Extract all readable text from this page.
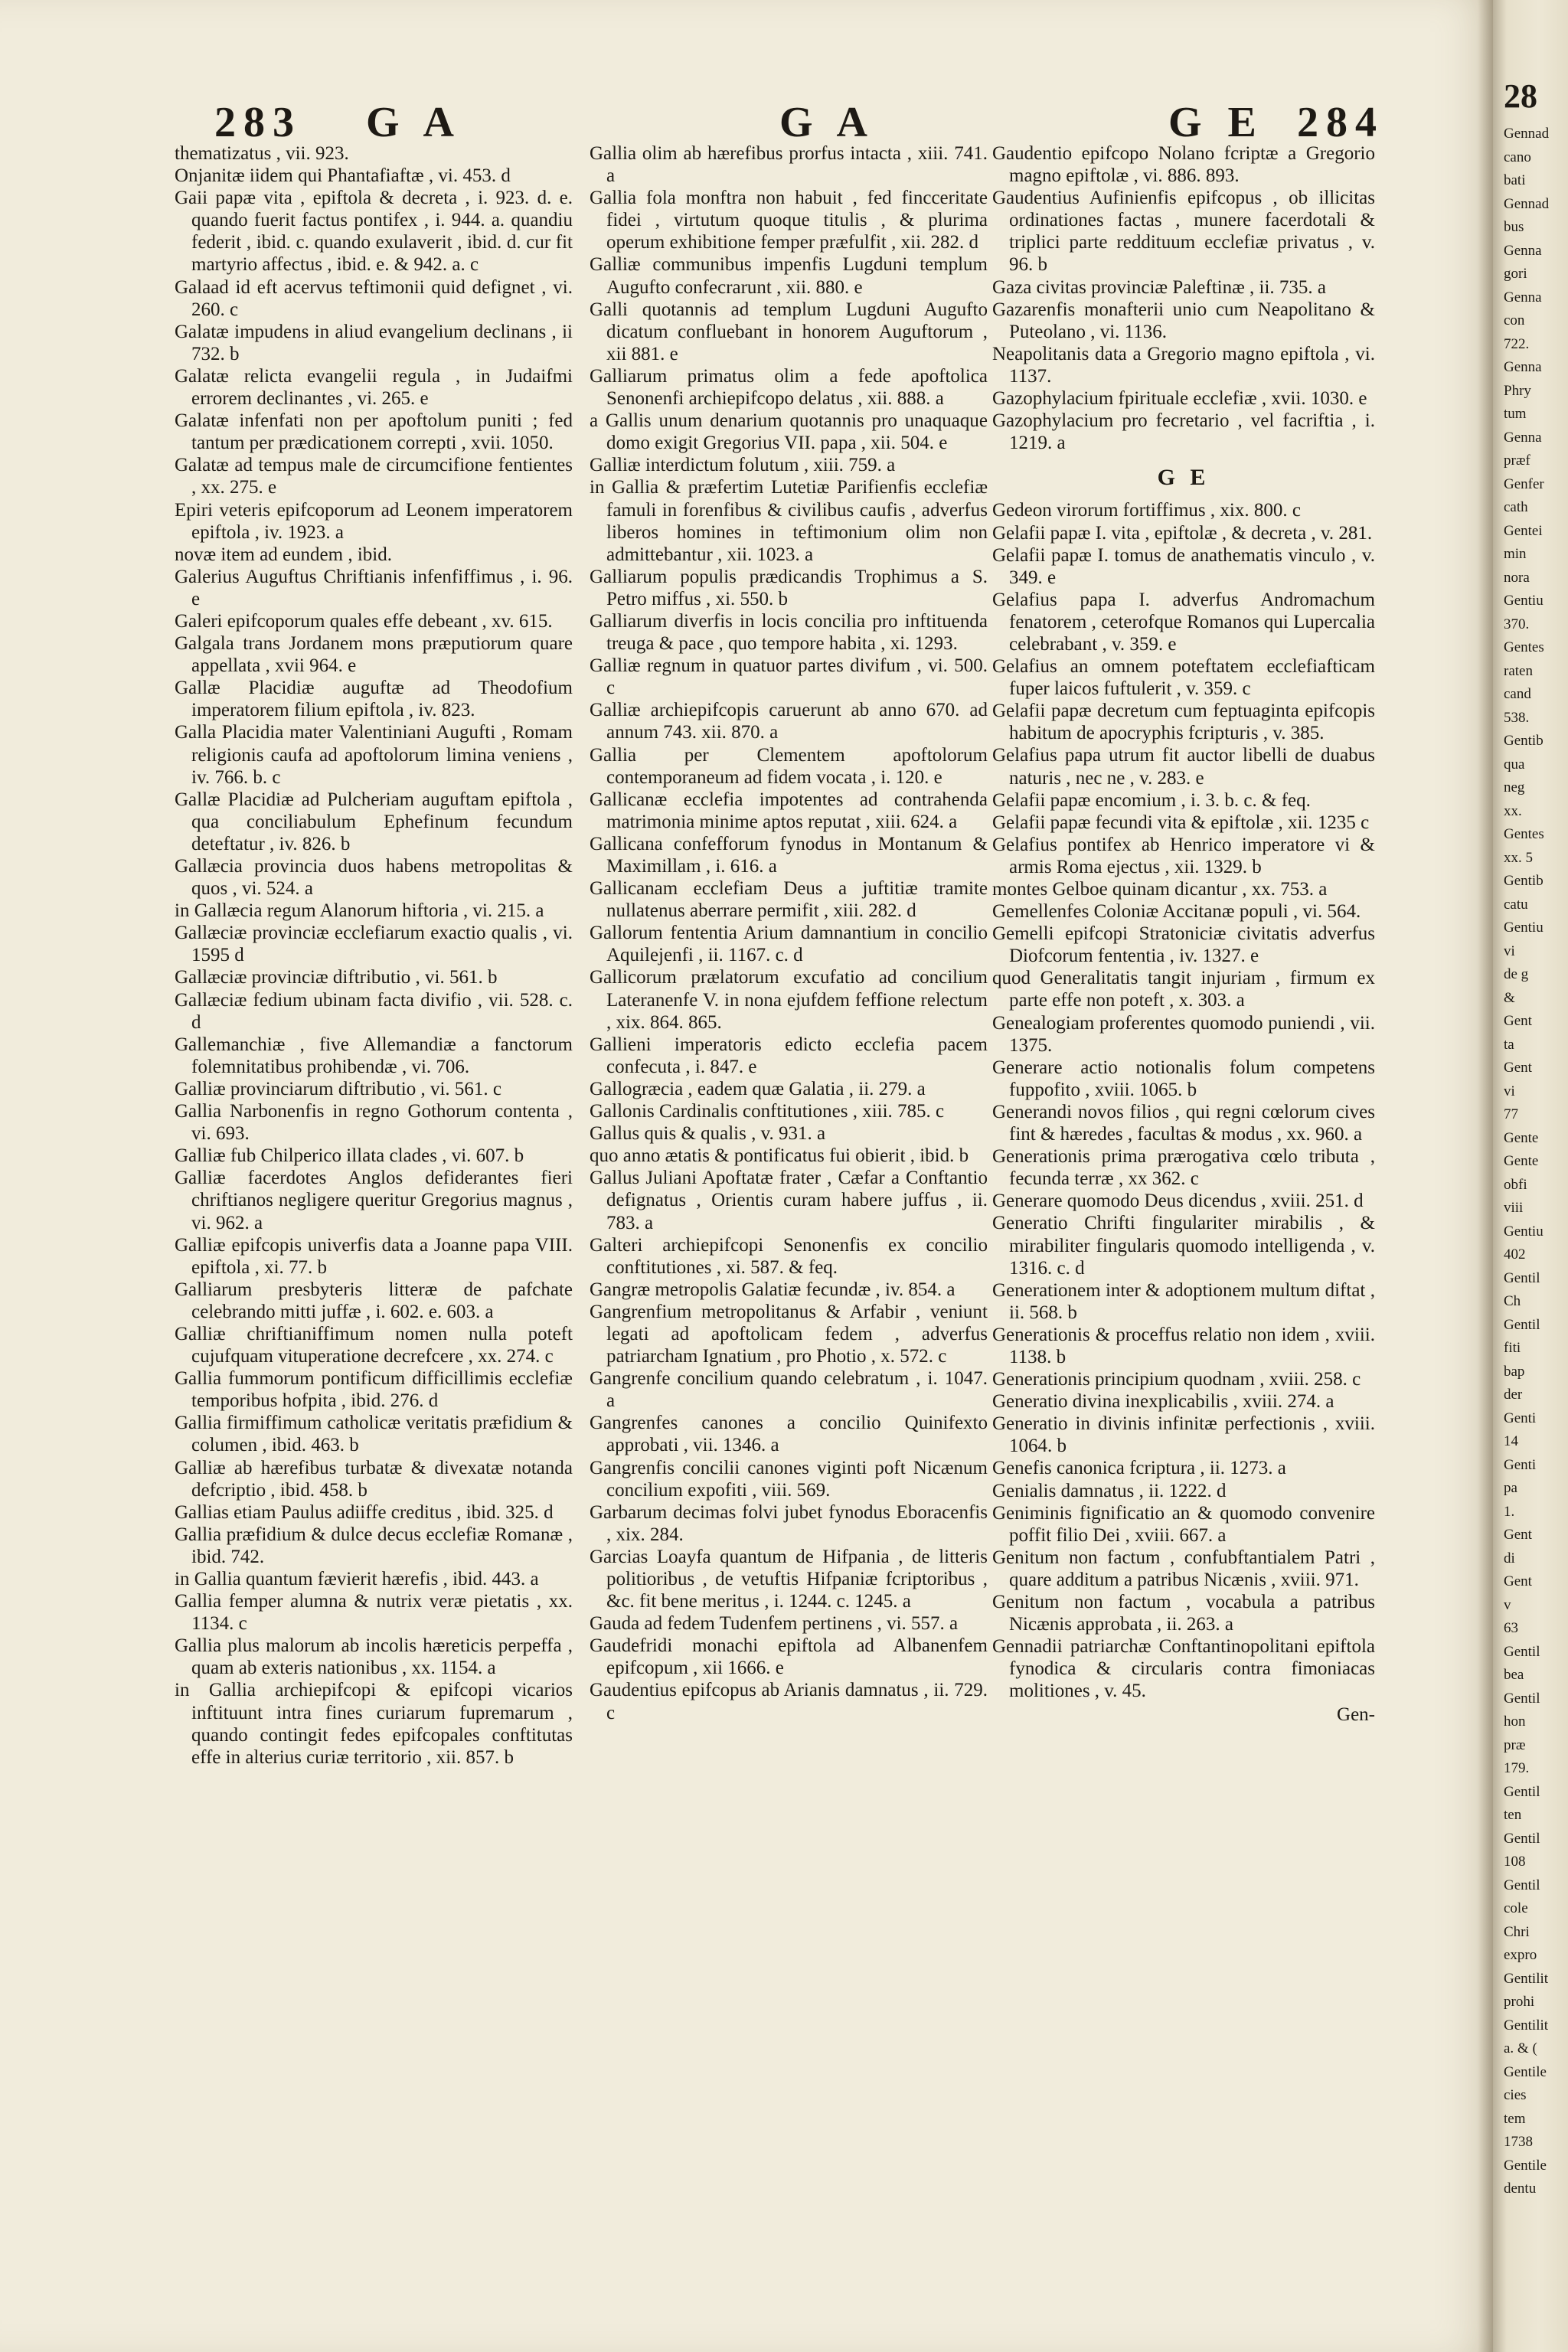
283 G A	G A	G E 284

thematizatus , vii. 923.

Onjanitæ iidem qui Phantafiaftæ , vi. 453. d

Gaii papæ vita , epiftola & decreta , i. 923. d. e. quando fuerit factus pontifex , i. 944. a. quandiu federit , ibid. c. quando exulaverit , ibid. d. cur fit martyrio affectus , ibid. e. & 942. a. c

Galaad id eft acervus teftimonii quid defignet , vi. 260. c

Galatæ impudens in aliud evangelium declinans , ii 732. b

Galatæ relicta evangelii regula , in Judaifmi errorem declinantes , vi. 265. e

Galatæ infenfati non per apoftolum puniti ; fed tantum per prædicationem correpti , xvii. 1050.

Galatæ ad tempus male de circumcifione fentientes , xx. 275. e

Epiri veteris epifcoporum ad Leonem imperatorem epiftola , iv. 1923. a

novæ item ad eundem , ibid.

Galerius Auguftus Chriftianis infenfiffimus , i. 96. e

Galeri epifcoporum quales effe debeant , xv. 615.

Galgala trans Jordanem mons præputiorum quare appellata , xvii 964. e

Gallæ Placidiæ auguftæ ad Theodofium imperatorem filium epiftola , iv. 823.

Galla Placidia mater Valentiniani Augufti , Romam religionis caufa ad apoftolorum limina veniens , iv. 766. b. c

Gallæ Placidiæ ad Pulcheriam auguftam epiftola , qua conciliabulum Ephefinum fecundum deteftatur , iv. 826. b

Gallæcia provincia duos habens metropolitas & quos , vi. 524. a

in Gallæcia regum Alanorum hiftoria , vi. 215. a

Gallæciæ provinciæ ecclefiarum exactio qualis , vi. 1595 d

Gallæciæ provinciæ diftributio , vi. 561. b

Gallæciæ fedium ubinam facta divifio , vii. 528. c. d

Gallemanchiæ , five Allemandiæ a fanctorum folemnitatibus prohibendæ , vi. 706.

Galliæ provinciarum diftributio , vi. 561. c

Gallia Narbonenfis in regno Gothorum contenta , vi. 693.

Galliæ fub Chilperico illata clades , vi. 607. b

Galliæ facerdotes Anglos defiderantes fieri chriftianos negligere queritur Gregorius magnus , vi. 962. a

Galliæ epifcopis univerfis data a Joanne papa VIII. epiftola , xi. 77. b

Galliarum presbyteris litteræ de pafchate celebrando mitti juffæ , i. 602. e. 603. a

Galliæ chriftianiffimum nomen nulla poteft cujufquam vituperatione decrefcere , xx. 274. c

Gallia fummorum pontificum difficillimis ecclefiæ temporibus hofpita , ibid. 276. d

Gallia firmiffimum catholicæ veritatis præfidium & columen , ibid. 463. b

Galliæ ab hærefibus turbatæ & divexatæ notanda defcriptio , ibid. 458. b

Gallias etiam Paulus adiiffe creditus , ibid. 325. d

Gallia præfidium & dulce decus ecclefiæ Romanæ , ibid. 742.

in Gallia quantum fævierit hærefis , ibid. 443. a

Gallia femper alumna & nutrix veræ pietatis , xx. 1134. c

Gallia plus malorum ab incolis hæreticis perpeffa , quam ab exteris nationibus , xx. 1154. a

in Gallia archiepifcopi & epifcopi vicarios inftituunt intra fines curiarum fupremarum , quando contingit fedes epifcopales conftitutas effe in alterius curiæ territorio , xii. 857. b

Gallia olim ab hærefibus prorfus intacta , xiii. 741. a

Gallia fola monftra non habuit , fed fincceritate fidei , virtutum quoque titulis , & plurima operum exhibitione femper præfulfit , xii. 282. d

Galliæ communibus impenfis Lugduni templum Augufto confecrarunt , xii. 880. e

Galli quotannis ad templum Lugduni Augufto dicatum confluebant in honorem Auguftorum , xii 881. e

Galliarum primatus olim a fede apoftolica Senonenfi archiepifcopo delatus , xii. 888. a

a Gallis unum denarium quotannis pro unaquaque domo exigit Gregorius VII. papa , xii. 504. e

Galliæ interdictum folutum , xiii. 759. a

in Gallia & præfertim Lutetiæ Parifienfis ecclefiæ famuli in forenfibus & civilibus caufis , adverfus liberos homines in teftimonium olim non admittebantur , xii. 1023. a

Galliarum populis prædicandis Trophimus a S. Petro miffus , xi. 550. b

Galliarum diverfis in locis concilia pro inftituenda treuga & pace , quo tempore habita , xi. 1293.

Galliæ regnum in quatuor partes divifum , vi. 500. c

Galliæ archiepifcopis caruerunt ab anno 670. ad annum 743. xii. 870. a

Gallia per Clementem apoftolorum contemporaneum ad fidem vocata , i. 120. e

Gallicanæ ecclefia impotentes ad contrahenda matrimonia minime aptos reputat , xiii. 624. a

Gallicana confefforum fynodus in Montanum & Maximillam , i. 616. a

Gallicanam ecclefiam Deus a juftitiæ tramite nullatenus aberrare permifit , xiii. 282. d

Gallorum fententia Arium damnantium in concilio Aquilejenfi , ii. 1167. c. d

Gallicorum prælatorum excufatio ad concilium Lateranenfe V. in nona ejufdem feffione relectum , xix. 864. 865.

Gallieni imperatoris edicto ecclefia pacem confecuta , i. 847. e

Gallogræcia , eadem quæ Galatia , ii. 279. a

Gallonis Cardinalis conftitutiones , xiii. 785. c

Gallus quis & qualis , v. 931. a

quo anno ætatis & pontificatus fui obierit , ibid. b

Gallus Juliani Apoftatæ frater , Cæfar a Conftantio defignatus , Orientis curam habere juffus , ii. 783. a

Galteri archiepifcopi Senonenfis ex concilio conftitutiones , xi. 587. & feq.

Gangræ metropolis Galatiæ fecundæ , iv. 854. a

Gangrenfium metropolitanus & Arfabir , veniunt legati ad apoftolicam fedem , adverfus patriarcham Ignatium , pro Photio , x. 572. c

Gangrenfe concilium quando celebratum , i. 1047. a

Gangrenfes canones a concilio Quinifexto approbati , vii. 1346. a

Gangrenfis concilii canones viginti poft Nicænum concilium expofiti , viii. 569.

Garbarum decimas folvi jubet fynodus Eboracenfis , xix. 284.

Garcias Loayfa quantum de Hifpania , de litteris politioribus , de vetuftis Hifpaniæ fcriptoribus , &c. fit bene meritus , i. 1244. c. 1245. a

Gauda ad fedem Tudenfem pertinens , vi. 557. a

Gaudefridi monachi epiftola ad Albanenfem epifcopum , xii 1666. e

Gaudentius epifcopus ab Arianis damnatus , ii. 729. c

Gaudentio epifcopo Nolano fcriptæ a Gregorio magno epiftolæ , vi. 886. 893.

Gaudentius Aufinienfis epifcopus , ob illicitas ordinationes factas , munere facerdotali & triplici parte reddituum ecclefiæ privatus , v. 96. b

Gaza civitas provinciæ Paleftinæ , ii. 735. a

Gazarenfis monafterii unio cum Neapolitano & Puteolano , vi. 1136.

Neapolitanis data a Gregorio magno epiftola , vi. 1137.

Gazophylacium fpirituale ecclefiæ , xvii. 1030. e

Gazophylacium pro fecretario , vel facriftia , i. 1219. a

G E

Gedeon virorum fortiffimus , xix. 800. c

Gelafii papæ I. vita , epiftolæ , & decreta , v. 281.

Gelafii papæ I. tomus de anathematis vinculo , v. 349. e

Gelafius papa I. adverfus Andromachum fenatorem , ceterofque Romanos qui Lupercalia celebrabant , v. 359. e

Gelafius an omnem poteftatem ecclefiafticam fuper laicos fuftulerit , v. 359. c

Gelafii papæ decretum cum feptuaginta epifcopis habitum de apocryphis fcripturis , v. 385.

Gelafius papa utrum fit auctor libelli de duabus naturis , nec ne , v. 283. e

Gelafii papæ encomium , i. 3. b. c. & feq.

Gelafii papæ fecundi vita & epiftolæ , xii. 1235 c

Gelafius pontifex ab Henrico imperatore vi & armis Roma ejectus , xii. 1329. b

montes Gelboe quinam dicantur , xx. 753. a

Gemellenfes Coloniæ Accitanæ populi , vi. 564.

Gemelli epifcopi Stratoniciæ civitatis adverfus Diofcorum fententia , iv. 1327. e

quod Generalitatis tangit injuriam , firmum ex parte effe non poteft , x. 303. a

Genealogiam proferentes quomodo puniendi , vii. 1375.

Generare actio notionalis folum competens fuppofito , xviii. 1065. b

Generandi novos filios , qui regni cœlorum cives fint & hæredes , facultas & modus , xx. 960. a

Generationis prima prærogativa cœlo tributa , fecunda terræ , xx 362. c

Generare quomodo Deus dicendus , xviii. 251. d

Generatio Chrifti fingulariter mirabilis , & mirabiliter fingularis quomodo intelligenda , v. 1316. c. d

Generationem inter & adoptionem multum diftat , ii. 568. b

Generationis & proceffus relatio non idem , xviii. 1138. b

Generationis principium quodnam , xviii. 258. c

Generatio divina inexplicabilis , xviii. 274. a

Generatio in divinis infinitæ perfectionis , xviii. 1064. b

Genefis canonica fcriptura , ii. 1273. a

Genialis damnatus , ii. 1222. d

Geniminis fignificatio an & quomodo convenire poffit filio Dei , xviii. 667. a

Genitum non factum , confubftantialem Patri , quare additum a patribus Nicænis , xviii. 971.

Genitum non factum , vocabula a patribus Nicænis approbata , ii. 263. a

Gennadii patriarchæ Conftantinopolitani epiftola fynodica & circularis contra fimoniacas molitiones , v. 45.

Gen-
28
Gennad
cano
bati
Gennad
bus
Genna
gori
Genna
con
722.
Genna
Phry
tum
Genna
præf
Genfer
cath
Gentei
min
nora
Gentiu
370.
Gentes
raten
cand
538.
Gentib
qua
neg
xx.
Gentes
xx. 5
Gentib
catu
Gentiu
vi
de g
&
Gent
ta
Gent
vi
77
Gente
Gente
obfi
viii
Gentiu
402
Gentil
Ch
Gentil
fiti
bap
der
Genti
14
Genti
pa
1.
Gent
di
Gent
v
63
Gentil
bea
Gentil
hon
præ
179.
Gentil
ten
Gentil
108
Gentil
cole
Chri
expro
Gentilit
prohi
Gentilit
a. & (
Gentile
cies
tem
1738
Gentile
dentu
